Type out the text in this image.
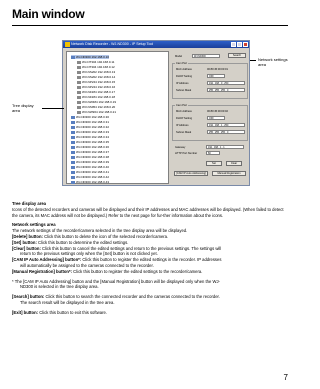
Main window
Network Disk Recorder - WJ-ND300 - IP Setup Tool
WJ-ND300 192.168.0.10
WJ-NT304 192.168.0.11
WJ-NT304 192.168.0.12
WV-NS202 192.168.0.13
WV-NS202 192.168.0.14
WV-NP244 192.168.0.15
WV-NP244 192.168.0.16
WV-NF284 192.168.0.17
WV-NF284 192.168.0.18
WV-NW484 192.168.0.19
WV-NS954 192.168.0.20
WV-NW964 192.168.0.21
WJ-ND300 192.168.0.30
WJ-ND300 192.168.0.31
WJ-ND300 192.168.0.32
WJ-ND300 192.168.0.33
WJ-ND300 192.168.0.34
WJ-ND300 192.168.0.35
WJ-ND300 192.168.0.36
WJ-ND300 192.168.0.37
WJ-ND300 192.168.0.38
WJ-ND300 192.168.0.39
WJ-ND300 192.168.0.40
WJ-ND300 192.168.0.41
WJ-ND300 192.168.0.42
WJ-ND300 192.168.0.43
Model	WJ-ND300	Search
Cam Port
MAC Address	00:80:45:00:00:01
DHCP Setting	OFF
IP Address	192 . 168 . 0 . 250
Subnet Mask	255 . 255 . 255 . 0
Cam Port
MAC Address	00:80:45:00:00:02
DHCP Setting	OFF
IP Address	192 . 168 . 1 . 250
Subnet Mask	255 . 255 . 255 . 0
Gateway	192 . 168 . 1 . 1
HTTP Port Number	80
Set	Clear
[CAM IP Auto Addressing]	Manual Registration
Network settings
area
Tree display
area

Tree display area

Icons of the detected recorders and cameras will be displayed and their IP addresses and MAC addresses will be displayed. (When failed to detect the camera, its MAC address will not be displayed.) Refer to the next page for fur-ther information about the icons.

Network settings area

The network settings of the recorder/camera selected in the tree display area will be displayed.

[Delete] button: Click this button to delete the icon of the selected recorder/camera.

[Set] button: Click this button to determine the edited settings.

[Clear] button: Click this button to cancel the edited settings and return to the previous settings. The settings will

return to the previous settings only when the [Set] button is not clicked yet.

[CAM IP Auto Addressing] button*: Click this button to register the edited settings in the recorder. IP addresses

will automatically be assigned to the cameras connected to the recorder.

[Manual Registration] button*: Click this button to register the edited settings to the recorder/camera.

* The [CAM IP Auto Addressing] button and the [Manual Registration] button will be displayed only when the WJ-

ND300 is selected in the tree display area.

[Search] button: Click this button to search the connected recorder and the cameras connected to the recorder.

The search result will be displayed in the tree area.

[Exit] button: Click this button to exit this software.

7
